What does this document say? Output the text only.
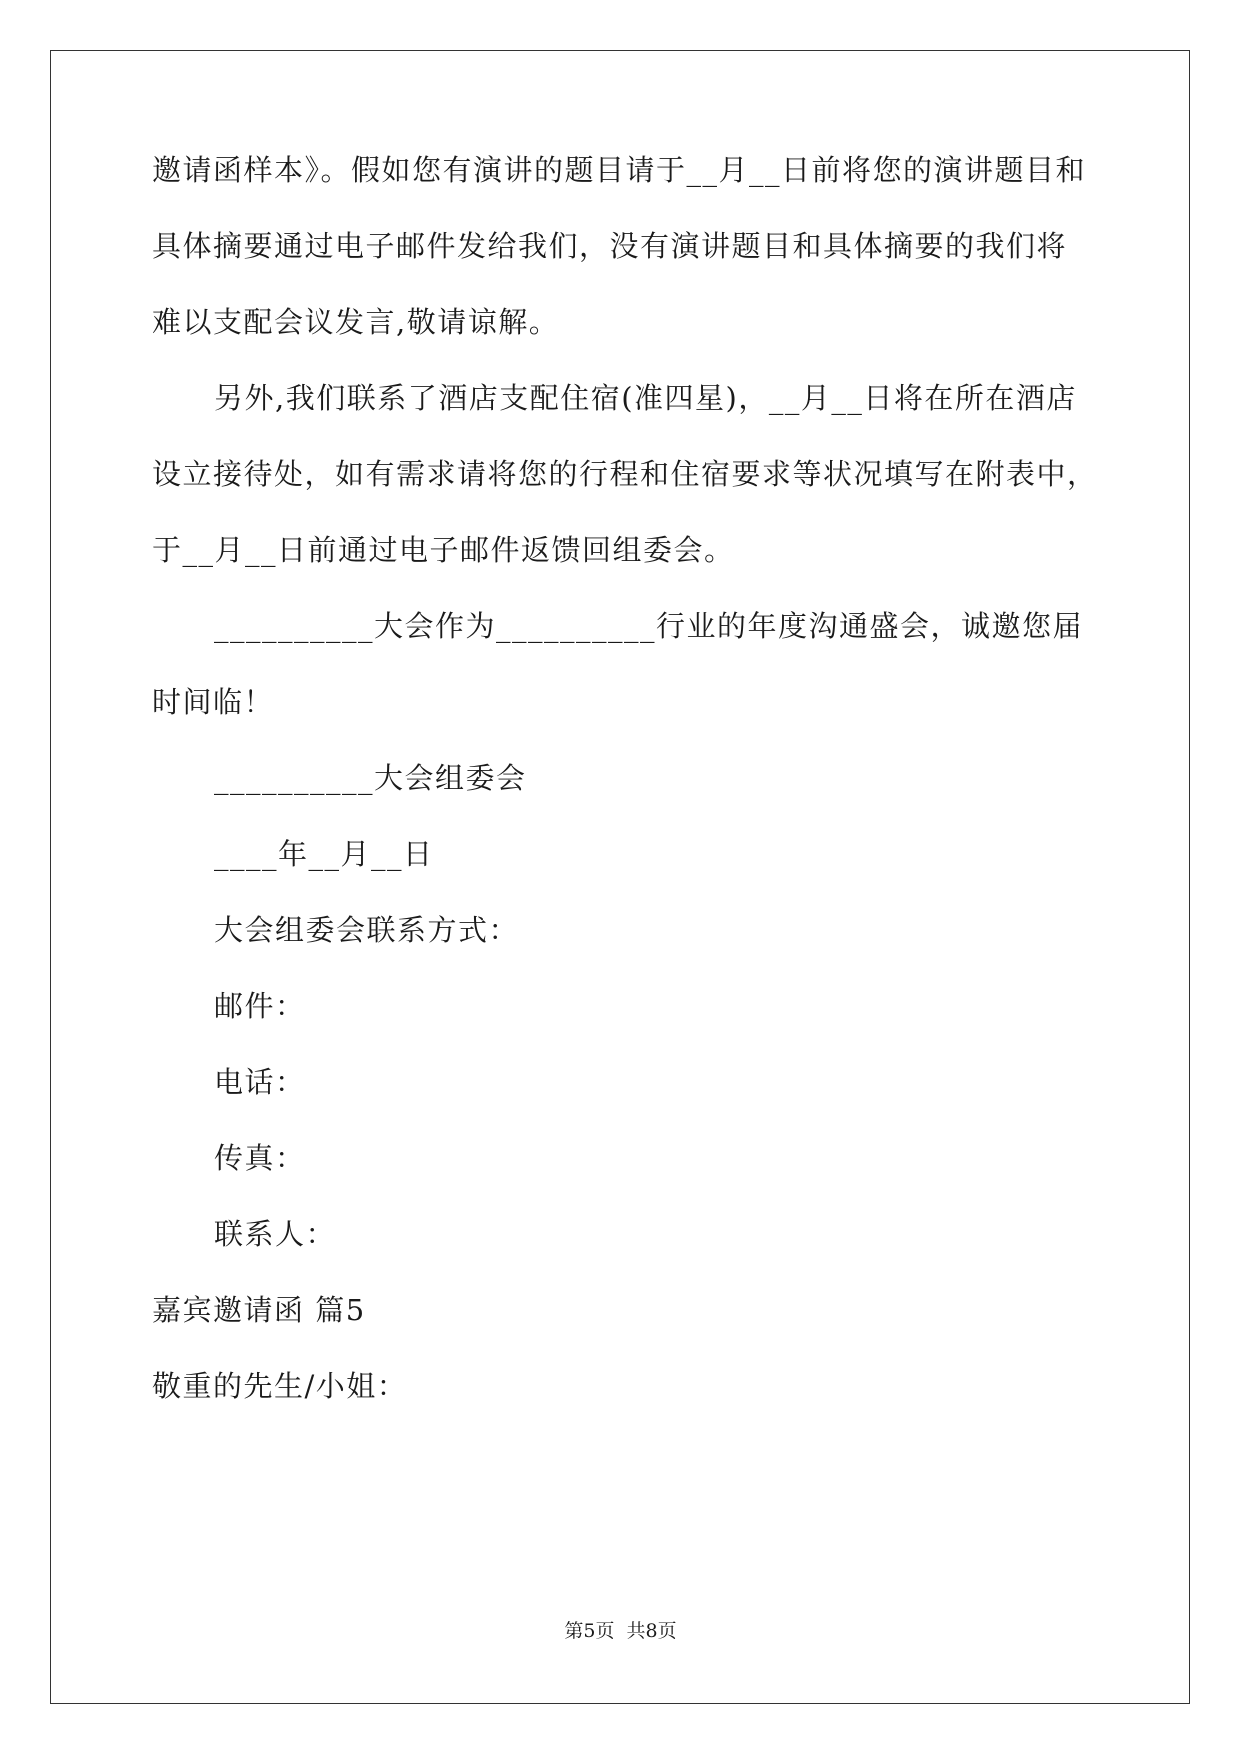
邀请函样本》。假如您有演讲的题目请于__月__日前将您的演讲题目和
具体摘要通过电子邮件发给我们，没有演讲题目和具体摘要的我们将
难以支配会议发言,敬请谅解。
另外,我们联系了酒店支配住宿(准四星)，__月__日将在所在酒店
设立接待处，如有需求请将您的行程和住宿要求等状况填写在附表中，
于__月__日前通过电子邮件返馈回组委会。
__________大会作为__________行业的年度沟通盛会，诚邀您届
时间临！
__________大会组委会
____年__月__日
大会组委会联系方式：
邮件：
电话：
传真：
联系人：
嘉宾邀请函 篇5
敬重的先生/小姐：
第5页  共8页
